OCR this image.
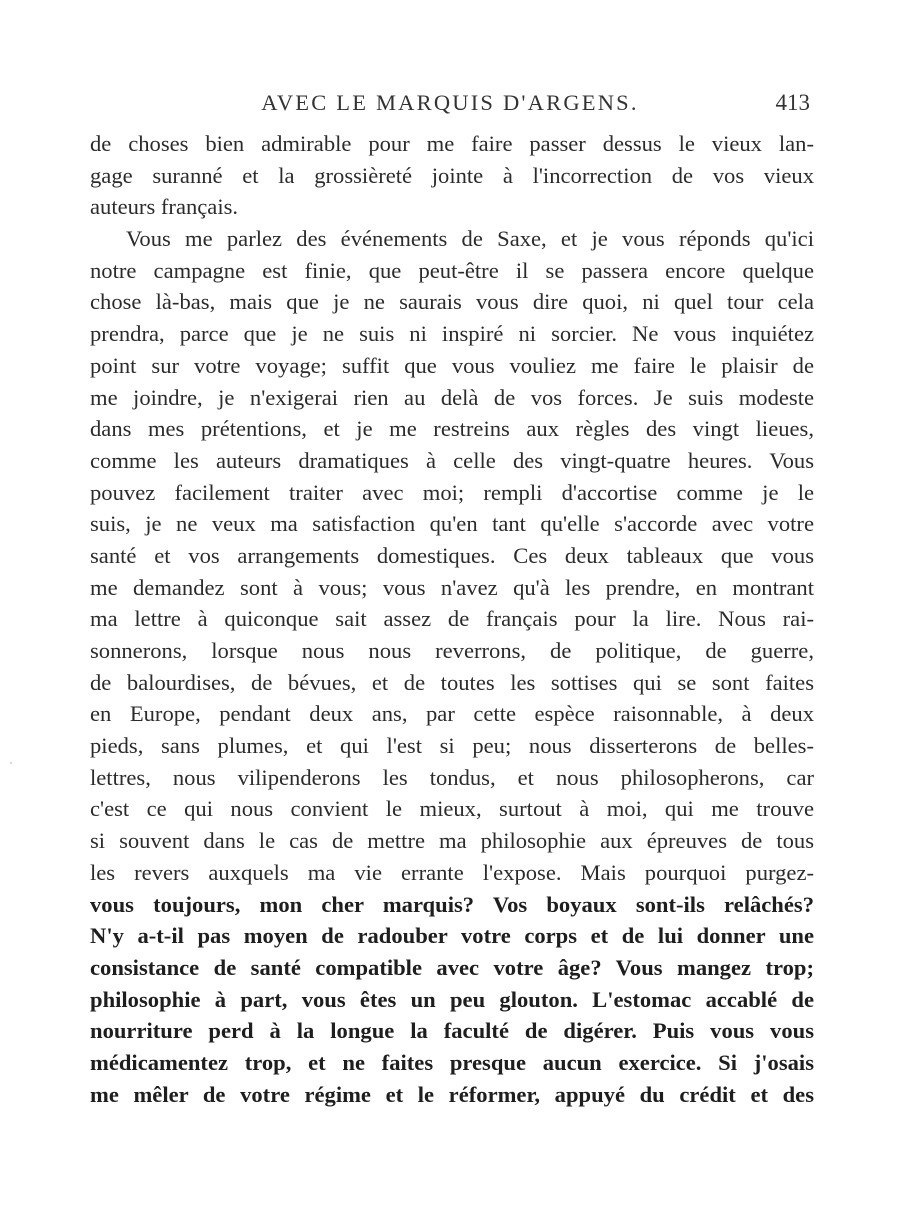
AVEC LE MARQUIS D'ARGENS.	413
de choses bien admirable pour me faire passer dessus le vieux lan-
gage suranné et la grossièreté jointe à l'incorrection de vos vieux
auteurs français.
Vous me parlez des événements de Saxe, et je vous réponds qu'ici
notre campagne est finie, que peut-être il se passera encore quelque
chose là-bas, mais que je ne saurais vous dire quoi, ni quel tour cela
prendra, parce que je ne suis ni inspiré ni sorcier. Ne vous inquiétez
point sur votre voyage; suffit que vous vouliez me faire le plaisir de
me joindre, je n'exigerai rien au delà de vos forces. Je suis modeste
dans mes prétentions, et je me restreins aux règles des vingt lieues,
comme les auteurs dramatiques à celle des vingt-quatre heures. Vous
pouvez facilement traiter avec moi; rempli d'accortise comme je le
suis, je ne veux ma satisfaction qu'en tant qu'elle s'accorde avec votre
santé et vos arrangements domestiques. Ces deux tableaux que vous
me demandez sont à vous; vous n'avez qu'à les prendre, en montrant
ma lettre à quiconque sait assez de français pour la lire. Nous rai-
sonnerons, lorsque nous nous reverrons, de politique, de guerre,
de balourdises, de bévues, et de toutes les sottises qui se sont faites
en Europe, pendant deux ans, par cette espèce raisonnable, à deux
pieds, sans plumes, et qui l'est si peu; nous disserterons de belles-
lettres, nous vilipenderons les tondus, et nous philosopherons, car
c'est ce qui nous convient le mieux, surtout à moi, qui me trouve
si souvent dans le cas de mettre ma philosophie aux épreuves de tous
les revers auxquels ma vie errante l'expose. Mais pourquoi purgez-
vous toujours, mon cher marquis? Vos boyaux sont-ils relâchés?
N'y a-t-il pas moyen de radouber votre corps et de lui donner une
consistance de santé compatible avec votre âge? Vous mangez trop;
philosophie à part, vous êtes un peu glouton. L'estomac accablé de
nourriture perd à la longue la faculté de digérer. Puis vous vous
médicamentez trop, et ne faites presque aucun exercice. Si j'osais
me mêler de votre régime et le réformer, appuyé du crédit et des
